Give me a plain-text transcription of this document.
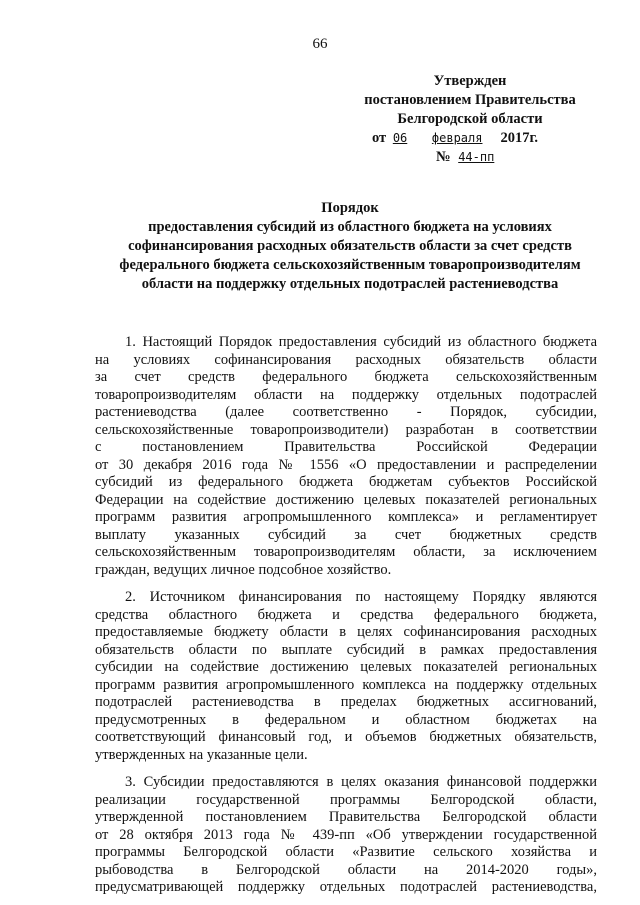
66
Утвержден
постановлением Правительства
Белгородской области
от 06 февраля 2017г.
№ 44-пп
Порядок
предоставления субсидий из областного бюджета на условиях
софинансирования расходных обязательств области за счет средств
федерального бюджета сельскохозяйственным товаропроизводителям
области на поддержку отдельных подотраслей растениеводства
1. Настоящий Порядок предоставления субсидий из областного бюджета
на условиях софинансирования расходных обязательств области
за счет средств федерального бюджета сельскохозяйственным
товаропроизводителям области на поддержку отдельных подотраслей
растениеводства (далее соответственно - Порядок, субсидии,
сельскохозяйственные товаропроизводители) разработан в соответствии
с постановлением Правительства Российской Федерации
от 30 декабря 2016 года № 1556 «О предоставлении и распределении
субсидий из федерального бюджета бюджетам субъектов Российской
Федерации на содействие достижению целевых показателей региональных
программ развития агропромышленного комплекса» и регламентирует
выплату указанных субсидий за счет бюджетных средств
сельскохозяйственным товаропроизводителям области, за исключением
граждан, ведущих личное подсобное хозяйство.
2. Источником финансирования по настоящему Порядку являются
средства областного бюджета и средства федерального бюджета,
предоставляемые бюджету области в целях софинансирования расходных
обязательств области по выплате субсидий в рамках предоставления
субсидии на содействие достижению целевых показателей региональных
программ развития агропромышленного комплекса на поддержку отдельных
подотраслей растениеводства в пределах бюджетных ассигнований,
предусмотренных в федеральном и областном бюджетах на
соответствующий финансовый год, и объемов бюджетных обязательств,
утвержденных на указанные цели.
3. Субсидии предоставляются в целях оказания финансовой поддержки
реализации государственной программы Белгородской области,
утвержденной постановлением Правительства Белгородской области
от 28 октября 2013 года № 439-пп «Об утверждении государственной
программы Белгородской области «Развитие сельского хозяйства и
рыбоводства в Белгородской области на 2014-2020 годы»,
предусматривающей поддержку отдельных подотраслей растениеводства,
